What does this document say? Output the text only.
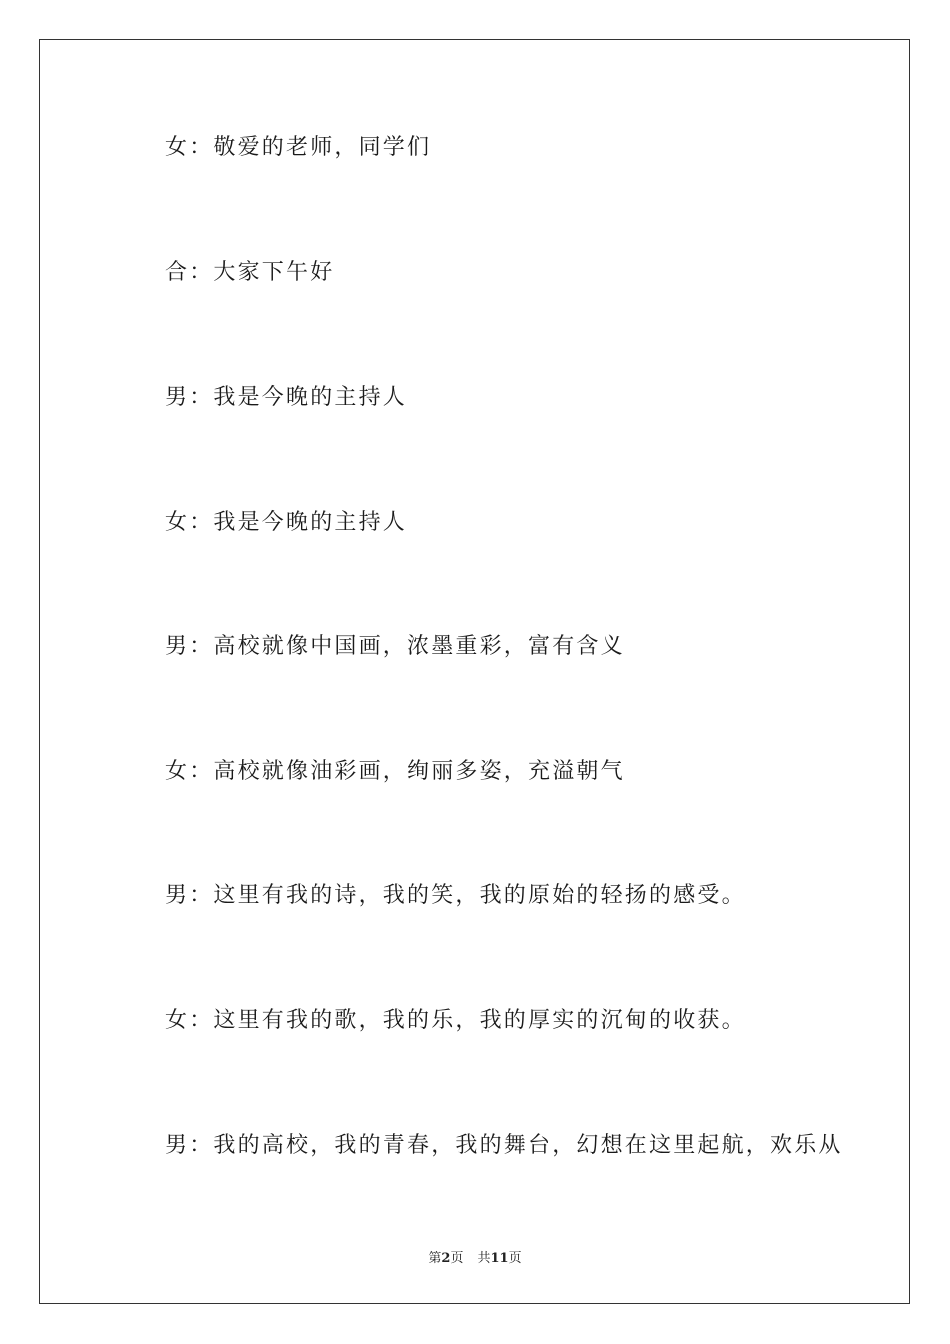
女：敬爱的老师，同学们
合：大家下午好
男：我是今晚的主持人
女：我是今晚的主持人
男：高校就像中国画，浓墨重彩，富有含义
女：高校就像油彩画，绚丽多姿，充溢朝气
男：这里有我的诗，我的笑，我的原始的轻扬的感受。
女：这里有我的歌，我的乐，我的厚实的沉甸的收获。
男：我的高校，我的青春，我的舞台，幻想在这里起航，欢乐从
第2页 共11页
